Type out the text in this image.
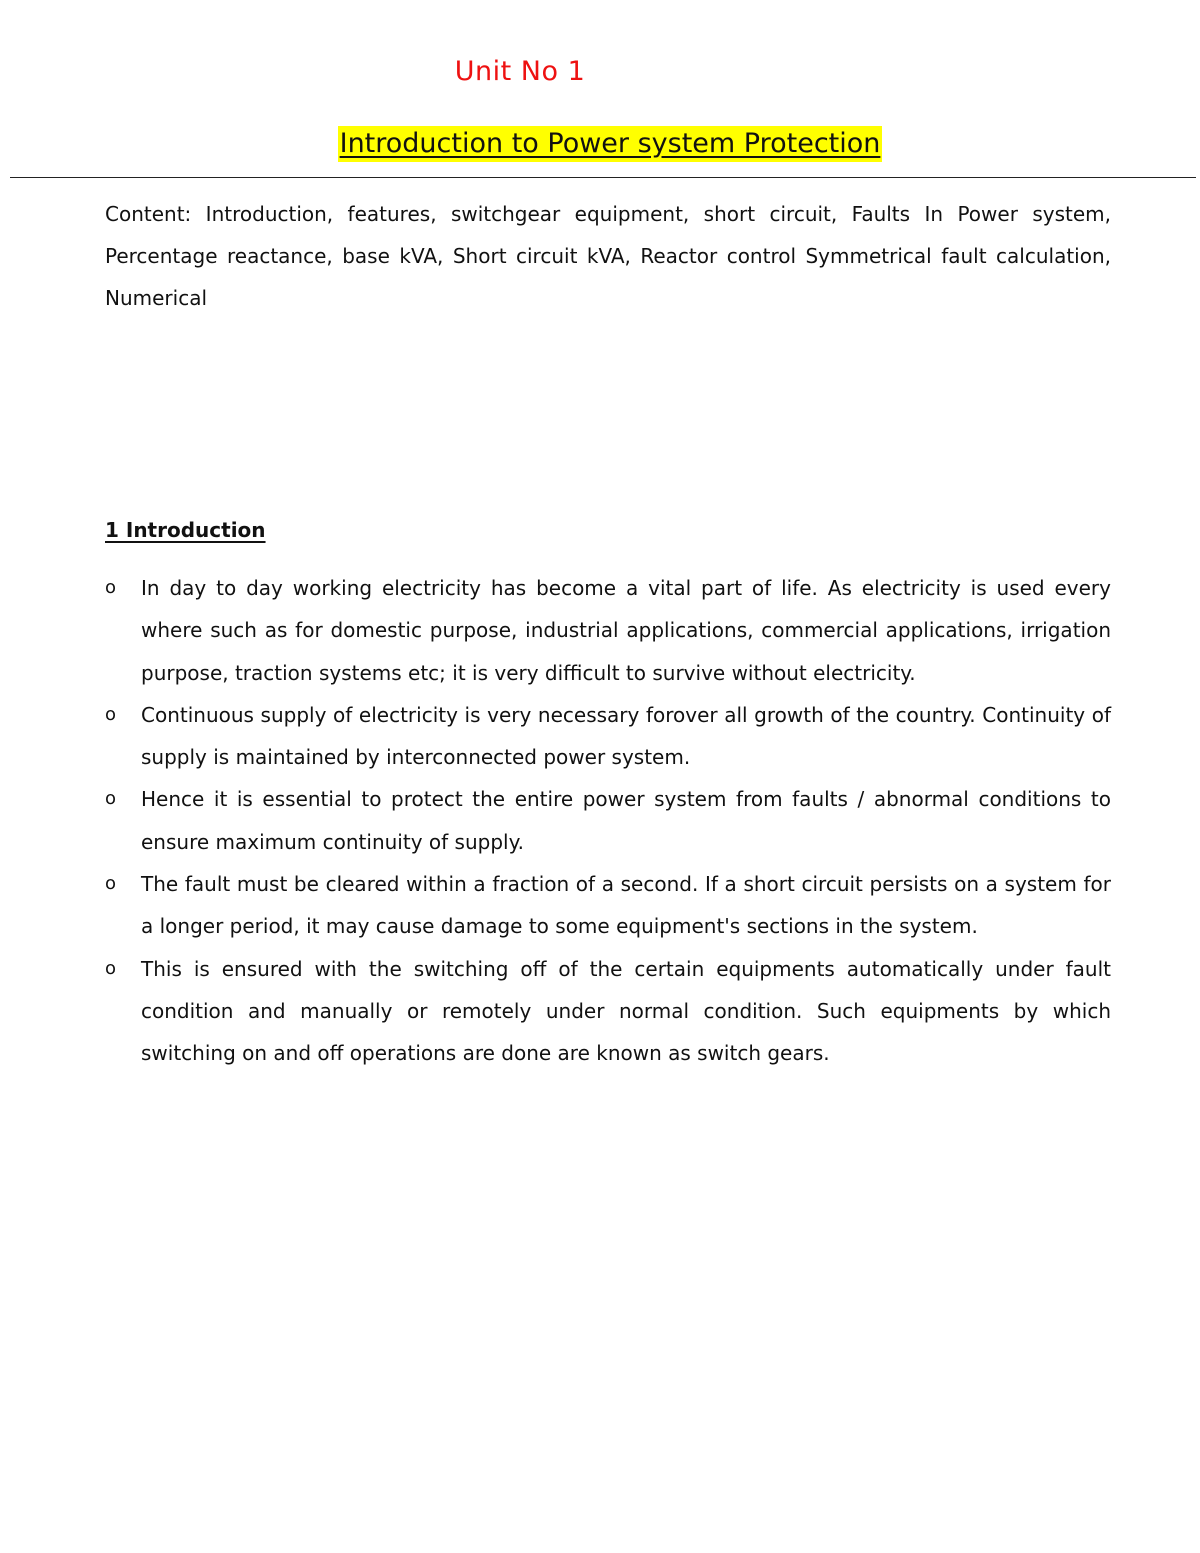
Unit No 1
Introduction to Power system Protection

Content: Introduction, features, switchgear equipment, short circuit, Faults In Power system, Percentage reactance, base kVA, Short circuit kVA, Reactor control Symmetrical fault calculation, Numerical

1 Introduction
o In day to day working electricity has become a vital part of life. As electricity is used every where such as for domestic purpose, industrial applications, commercial applications, irrigation purpose, traction systems etc; it is very difficult to survive without electricity.
o Continuous supply of electricity is very necessary forover all growth of the country. Continuity of supply is maintained by interconnected power system.
o Hence it is essential to protect the entire power system from faults / abnormal conditions to ensure maximum continuity of supply.
o The fault must be cleared within a fraction of a second. If a short circuit persists on a system for a longer period, it may cause damage to some equipment's sections in the system.
o This is ensured with the switching off of the certain equipments automatically under fault condition and manually or remotely under normal condition. Such equipments by which switching on and off operations are done are known as switch gears.
